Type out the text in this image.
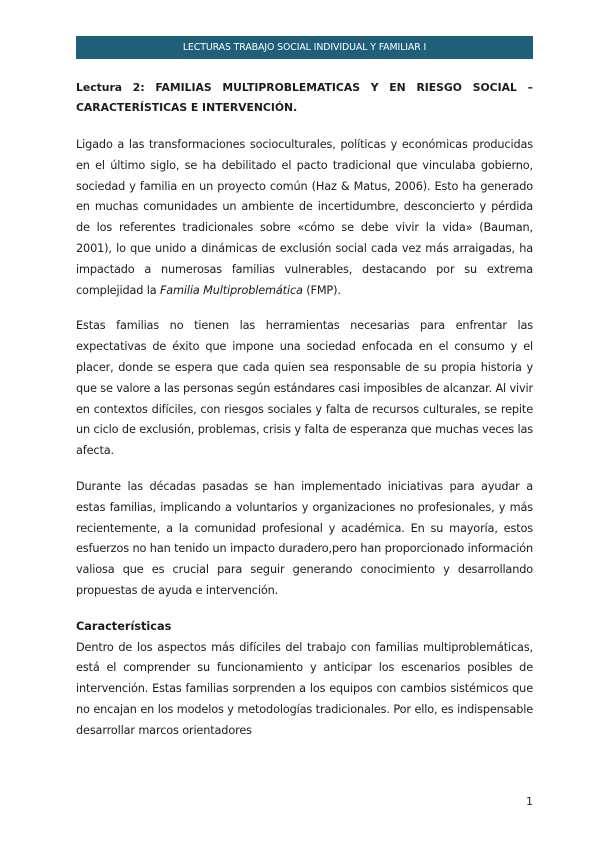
LECTURAS TRABAJO SOCIAL INDIVIDUAL Y FAMILIAR I

Lectura 2: FAMILIAS MULTIPROBLEMATICAS Y EN RIESGO SOCIAL – CARACTERÍSTICAS E INTERVENCIÓN.

Ligado a las transformaciones socioculturales, políticas y económicas producidas en el último siglo, se ha debilitado el pacto tradicional que vinculaba gobierno, sociedad y familia en un proyecto común (Haz & Matus, 2006). Esto ha generado en muchas comunidades un ambiente de incertidumbre, desconcierto y pérdida de los referentes tradicionales sobre «cómo se debe vivir la vida» (Bauman, 2001), lo que unido a dinámicas de exclusión social cada vez más arraigadas, ha impactado a numerosas familias vulnerables, destacando por su extrema complejidad la Familia Multiproblemática (FMP).

Estas familias no tienen las herramientas necesarias para enfrentar las expectativas de éxito que impone una sociedad enfocada en el consumo y el placer, donde se espera que cada quien sea responsable de su propia historia y que se valore a las personas según estándares casi imposibles de alcanzar. Al vivir en contextos difíciles, con riesgos sociales y falta de recursos culturales, se repite un ciclo de exclusión, problemas, crisis y falta de esperanza que muchas veces las afecta.

Durante las décadas pasadas se han implementado iniciativas para ayudar a estas familias, implicando a voluntarios y organizaciones no profesionales, y más recientemente, a la comunidad profesional y académica. En su mayoría, estos esfuerzos no han tenido un impacto duradero,pero han proporcionado información valiosa que es crucial para seguir generando conocimiento y desarrollando propuestas de ayuda e intervención.

Características

Dentro de los aspectos más difíciles del trabajo con familias multiproblemáticas, está el comprender su funcionamiento y anticipar los escenarios posibles de intervención. Estas familias sorprenden a los equipos con cambios sistémicos que no encajan en los modelos y metodologías tradicionales. Por ello, es indispensable desarrollar marcos orientadores

1
